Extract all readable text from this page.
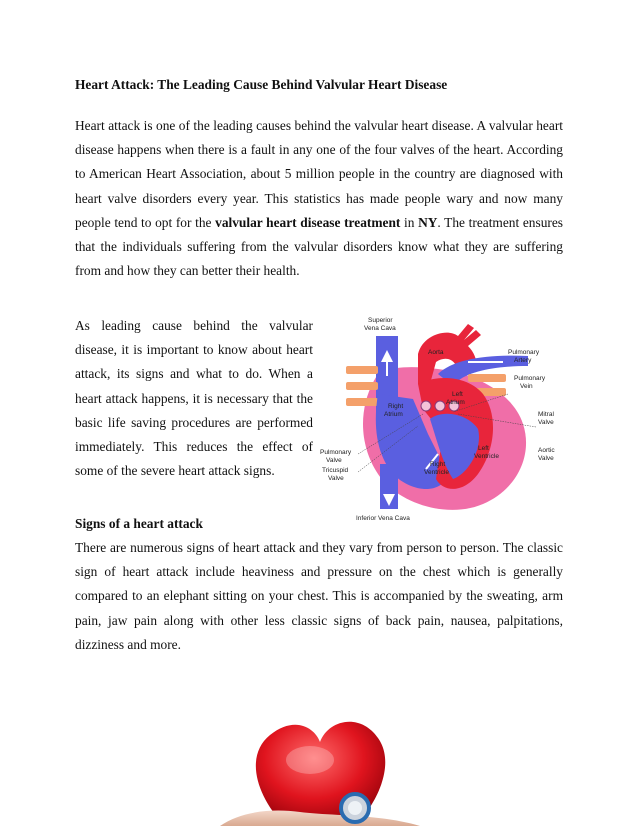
Heart Attack: The Leading Cause Behind Valvular Heart Disease

Heart attack is one of the leading causes behind the valvular heart disease. A valvular heart disease happens when there is a fault in any one of the four valves of the heart. According to American Heart Association, about 5 million people in the country are diagnosed with heart valve disorders every year. This statistics has made people wary and now many people tend to opt for the valvular heart disease treatment in NY. The treatment ensures that the individuals suffering from the valvular disorders know what they are suffering from and how they can better their health.

As leading cause behind the valvular disease, it is important to know about heart attack, its signs and what to do. When a heart attack happens, it is necessary that the basic life saving procedures are performed immediately. This reduces the effect of some of the severe heart attack signs.

Superior
Vena Cava
Aorta	Pulmonary
Artery
Pulmonary
Vein
Left
Atrium
Right
Atrium	Mitral
Valve
Pulmonary
Valve
Aortic
Valve
Left
Ventricle
Tricuspid
Valve
Right
Ventricle
Inferior Vena Cava
Signs of a heart attack

There are numerous signs of heart attack and they vary from person to person. The classic sign of heart attack include heaviness and pressure on the chest which is generally compared to an elephant sitting on your chest. This is accompanied by the sweating, arm pain, jaw pain along with other less classic signs of back pain, nausea, palpitations, dizziness and more.
